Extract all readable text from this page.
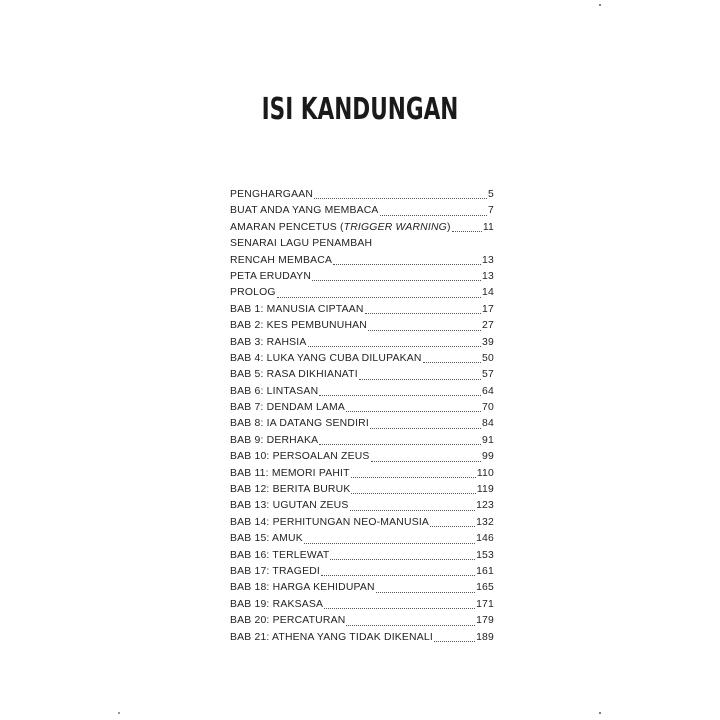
ISI KANDUNGAN
PENGHARGAAN	5
BUAT ANDA YANG MEMBACA	7
AMARAN PENCETUS (TRIGGER WARNING)	11
SENARAI LAGU PENAMBAH
RENCAH MEMBACA	13
PETA ERUDAYN	13
PROLOG	14
BAB 1: MANUSIA CIPTAAN	17
BAB 2: KES PEMBUNUHAN	27
BAB 3: RAHSIA	39
BAB 4: LUKA YANG CUBA DILUPAKAN	50
BAB 5: RASA DIKHIANATI	57
BAB 6: LINTASAN	64
BAB 7: DENDAM LAMA	70
BAB 8: IA DATANG SENDIRI	84
BAB 9: DERHAKA	91
BAB 10: PERSOALAN ZEUS	99
BAB 11: MEMORI PAHIT	110
BAB 12: BERITA BURUK	119
BAB 13: UGUTAN ZEUS	123
BAB 14: PERHITUNGAN NEO-MANUSIA	132
BAB 15: AMUK	146
BAB 16: TERLEWAT	153
BAB 17: TRAGEDI	161
BAB 18: HARGA KEHIDUPAN	165
BAB 19: RAKSASA	171
BAB 20: PERCATURAN	179
BAB 21: ATHENA YANG TIDAK DIKENALI	189
